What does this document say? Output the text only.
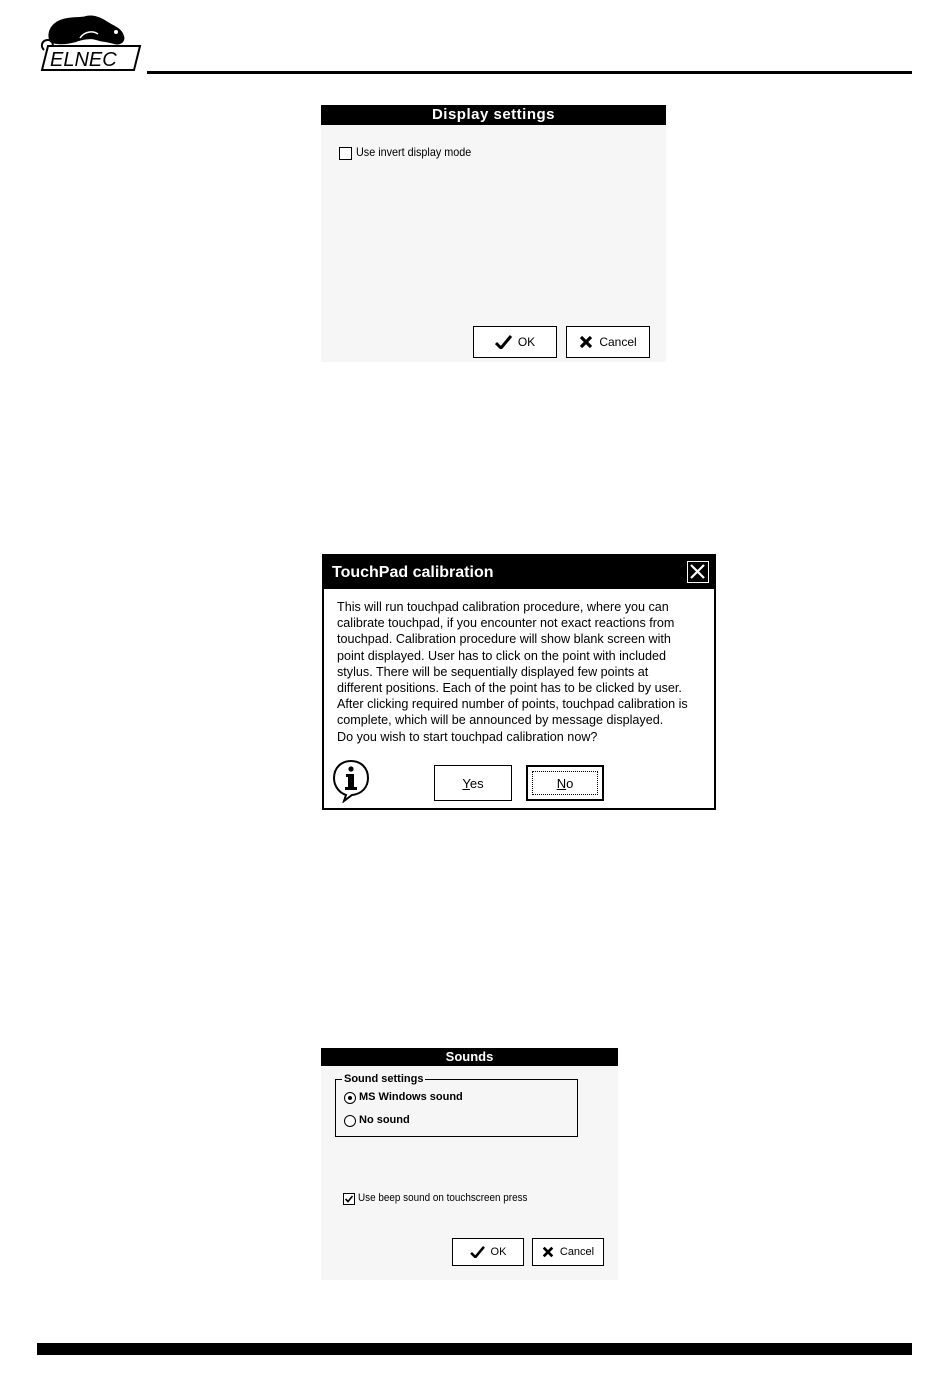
ELNEC
Display settings
Use invert display mode
OK	Cancel
TouchPad calibration
This will run touchpad calibration procedure, where you can
calibrate touchpad, if you encounter not exact reactions from
touchpad. Calibration procedure will show blank screen with
point displayed. User has to click on the point with included
stylus. There will be sequentially displayed few points at
different positions. Each of the point has to be clicked by user.
After clicking required number of points, touchpad calibration is
complete, which will be announced by message displayed.
Do you wish to start touchpad calibration now?
Yes	No
Sounds
Sound settings
MS Windows sound
No sound
Use beep sound on touchscreen press
OK	Cancel
